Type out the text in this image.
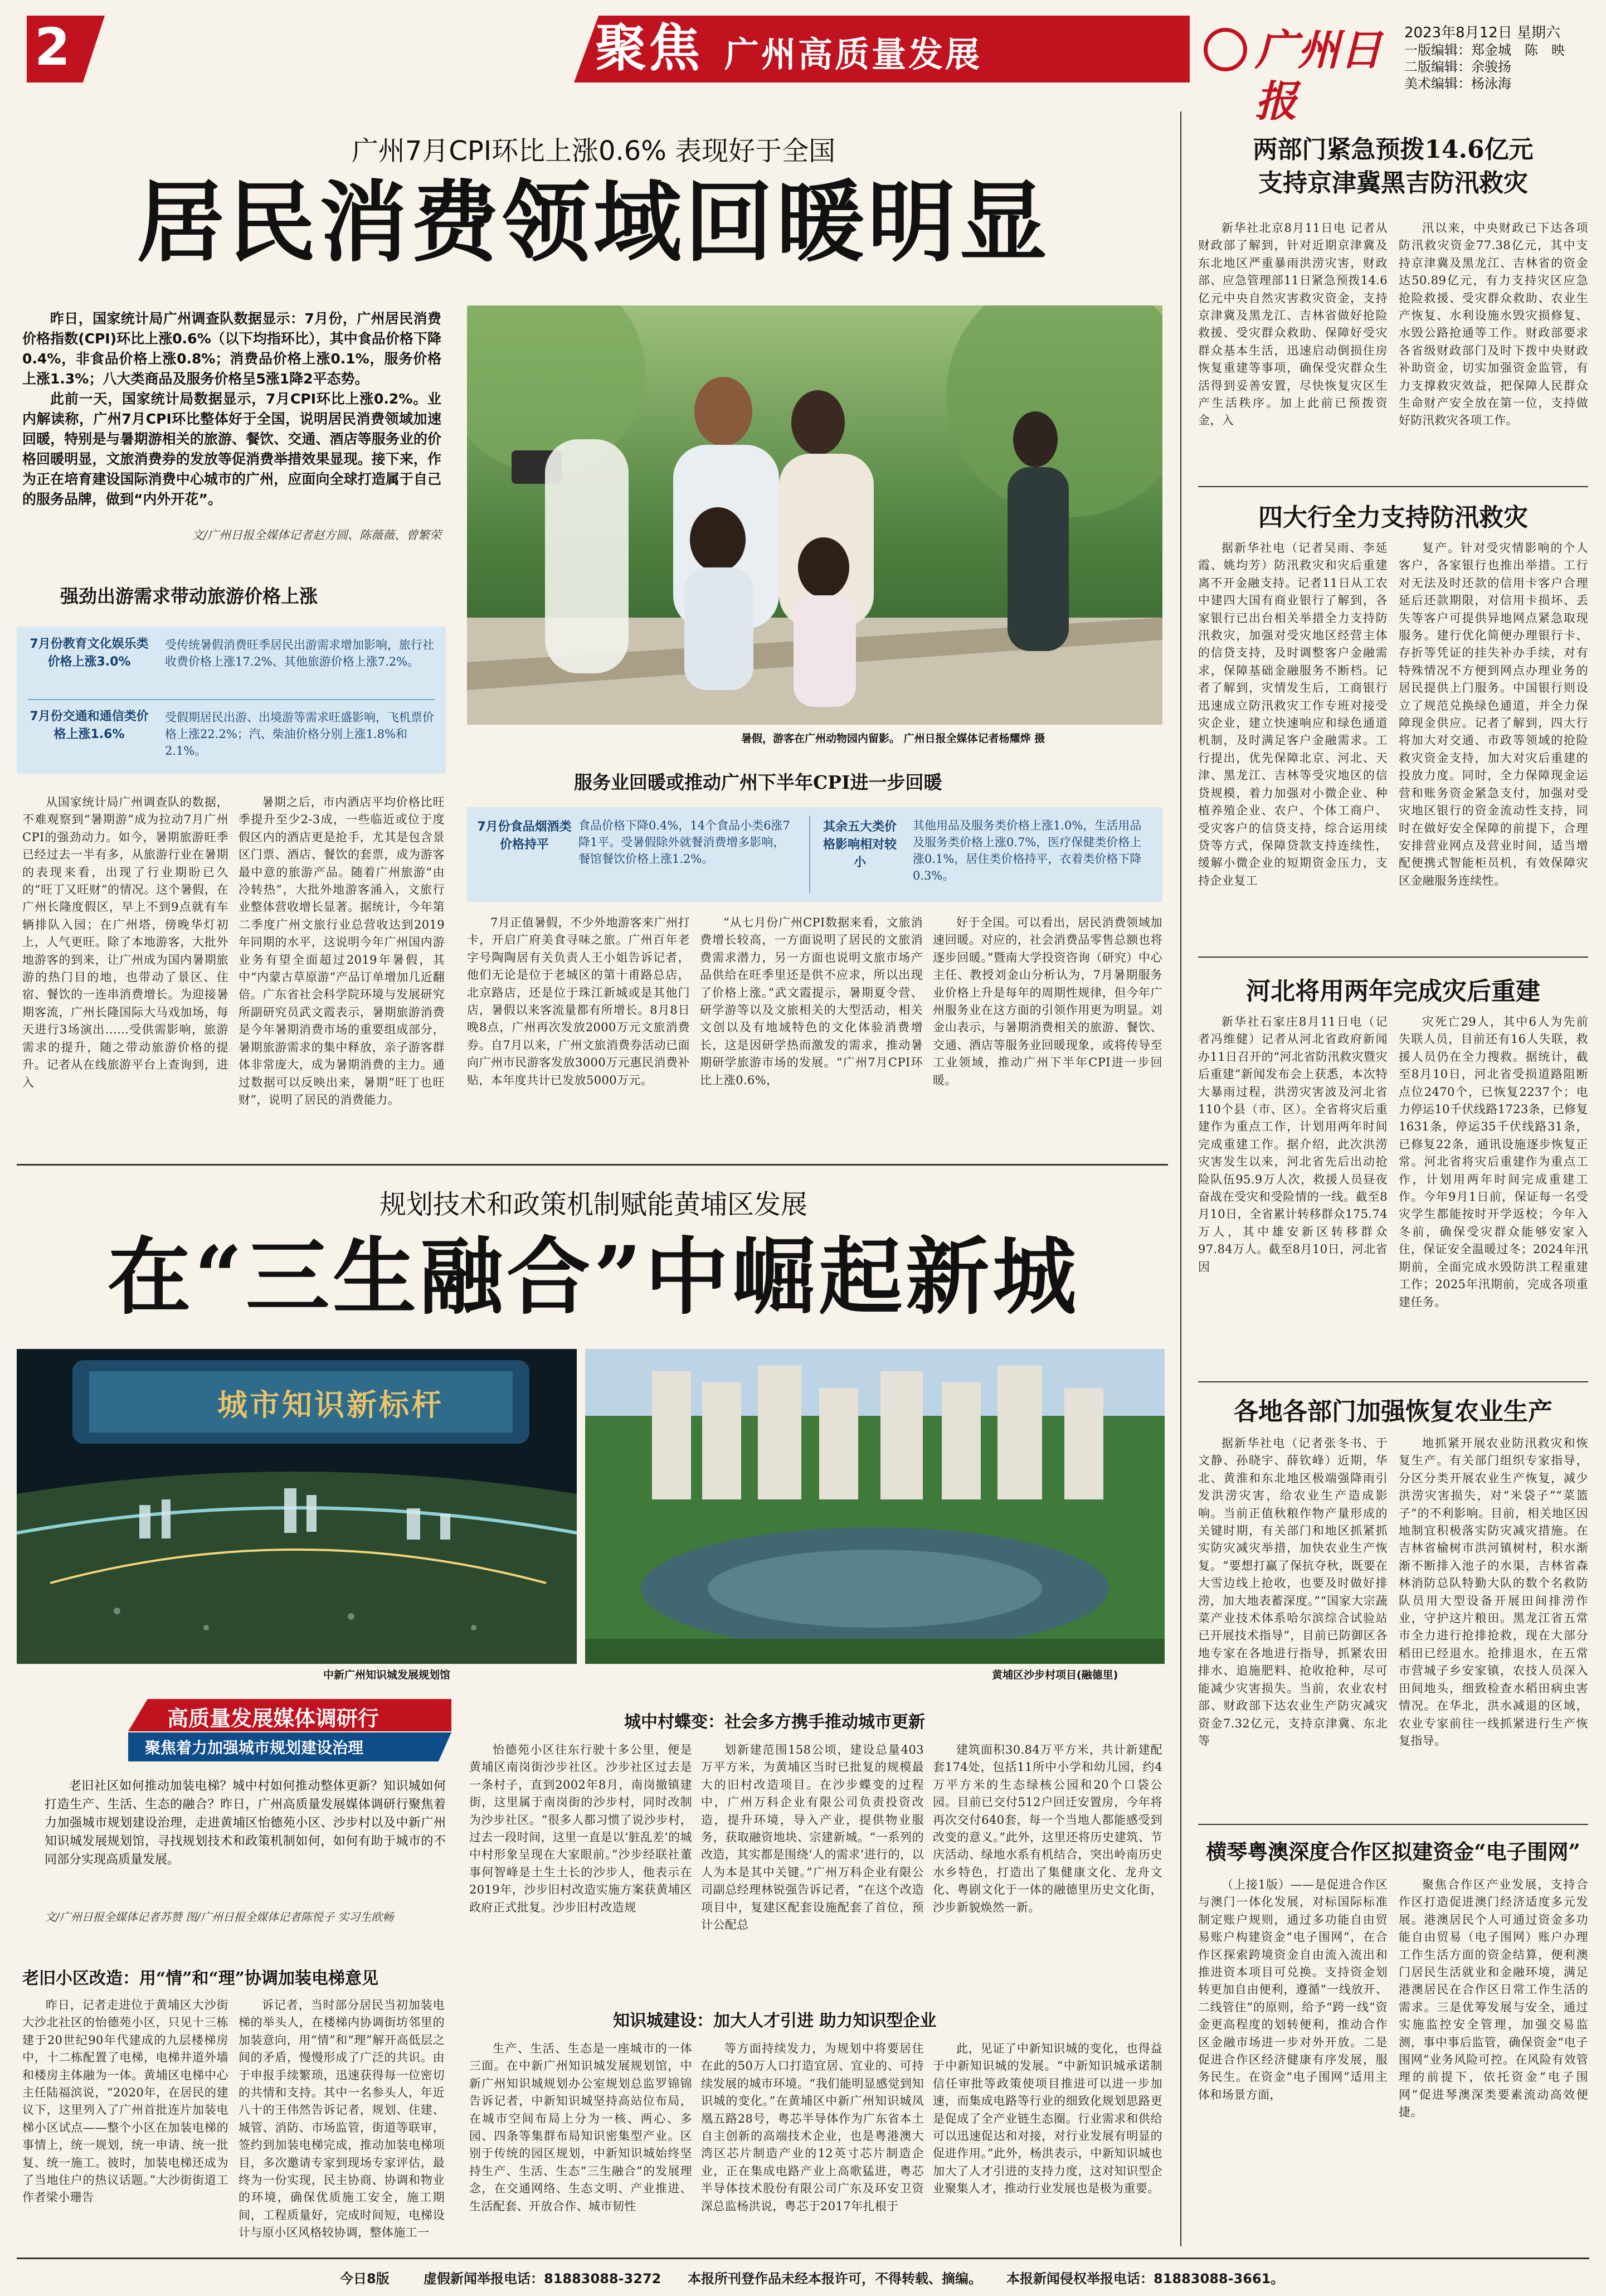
2	聚焦 广州高质量发展	广州日报
2023年8月12日 星期六
一版编辑：郑金城　陈　映
二版编辑：余骏扬
美术编辑：杨泳海
广州7月CPI环比上涨0.6% 表现好于全国
居民消费领域回暖明显

昨日，国家统计局广州调查队数据显示：7月份，广州居民消费价格指数(CPI)环比上涨0.6%（以下均指环比），其中食品价格下降0.4%，非食品价格上涨0.8%；消费品价格上涨0.1%，服务价格上涨1.3%；八大类商品及服务价格呈5涨1降2平态势。

此前一天，国家统计局数据显示，7月CPI环比上涨0.2%。业内解读称，广州7月CPI环比整体好于全国，说明居民消费领域加速回暖，特别是与暑期游相关的旅游、餐饮、交通、酒店等服务业的价格回暖明显，文旅消费券的发放等促消费举措效果显现。接下来，作为正在培育建设国际消费中心城市的广州，应面向全球打造属于自己的服务品牌，做到“内外开花”。

文/广州日报全媒体记者赵方圆、陈薇薇、曾繁荣
暑假，游客在广州动物园内留影。 广州日报全媒体记者杨耀烨 摄
强劲出游需求带动旅游价格上涨
7月份教育文化娱乐类价格上涨3.0%
受传统暑假消费旺季居民出游需求增加影响，旅行社收费价格上涨17.2%、其他旅游价格上涨7.2%。
7月份交通和通信类价格上涨1.6%
受假期居民出游、出境游等需求旺盛影响，飞机票价格上涨22.2%；汽、柴油价格分别上涨1.8%和2.1%。
服务业回暖或推动广州下半年CPI进一步回暖
7月份食品烟酒类价格持平
食品价格下降0.4%，14个食品小类6涨7降1平。受暑假除外就餐消费增多影响，餐馆餐饮价格上涨1.2%。
其余五大类价格影响相对较小
其他用品及服务类价格上涨1.0%，生活用品及服务类价格上涨0.7%，医疗保健类价格上涨0.1%，居住类价格持平，衣着类价格下降0.3%。

从国家统计局广州调查队的数据，不难观察到“暑期游”成为拉动7月广州CPI的强劲动力。如今，暑期旅游旺季已经过去一半有多，从旅游行业在暑期的表现来看，出现了行业期盼已久的“旺丁又旺财”的情况。这个暑假，在广州长隆度假区，早上不到9点就有车辆排队入园；在广州塔，傍晚华灯初上，人气更旺。除了本地游客，大批外地游客的到来，让广州成为国内暑期旅游的热门目的地，也带动了景区、住宿、餐饮的一连串消费增长。为迎接暑期客流，广州长隆国际大马戏加场，每天进行3场演出……受供需影响，旅游需求的提升，随之带动旅游价格的提升。记者从在线旅游平台上查询到，进入

暑期之后，市内酒店平均价格比旺季提升至少2-3成，一些临近或位于度假区内的酒店更是抢手，尤其是包含景区门票、酒店、餐饮的套票，成为游客最中意的旅游产品。随着广州旅游“由冷转热”，大批外地游客涌入，文旅行业整体营收增长显著。据统计，今年第二季度广州文旅行业总营收达到2019年同期的水平，这说明今年广州国内游业务有望全面超过2019年暑假，其中“内蒙古草原游”产品订单增加几近翻倍。广东省社会科学院环境与发展研究所副研究员武文霞表示，暑期旅游消费是今年暑期消费市场的重要组成部分，暑期旅游需求的集中释放，亲子游客群体非常庞大，成为暑期消费的主力。通过数据可以反映出来，暑期“旺丁也旺财”，说明了居民的消费能力。

7月正值暑假，不少外地游客来广州打卡，开启广府美食寻味之旅。广州百年老字号陶陶居有关负责人王小姐告诉记者，他们无论是位于老城区的第十甫路总店，北京路店，还是位于珠江新城或是其他门店，暑假以来客流量都有所增长。8月8日晚8点，广州再次发放2000万元文旅消费券。自7月以来，广州文旅消费券活动已面向广州市民游客发放3000万元惠民消费补贴，本年度共计已发放5000万元。

“从七月份广州CPI数据来看，文旅消费增长较高，一方面说明了居民的文旅消费需求潜力，另一方面也说明文旅市场产品供给在旺季里还是供不应求，所以出现了价格上涨。”武文霞提示，暑期夏令营、研学游等以及文旅相关的大型活动，相关文创以及有地域特色的文化体验消费增长，这是因研学热而激发的需求，推动暑期研学旅游市场的发展。“广州7月CPI环比上涨0.6%，

好于全国。可以看出，居民消费领域加速回暖。对应的，社会消费品零售总额也将逐步回暖。”暨南大学投资咨询（研究）中心主任、教授刘金山分析认为，7月暑期服务业价格上升是每年的周期性规律，但今年广州服务业在这方面的引领作用更为明显。刘金山表示，与暑期消费相关的旅游、餐饮、交通、酒店等服务业回暖现象，或将传导至工业领域，推动广州下半年CPI进一步回暖。

规划技术和政策机制赋能黄埔区发展
在“三生融合”中崛起新城
城市知识新标杆
中新广州知识城发展规划馆	黄埔区沙步村项目(融德里)
高质量发展媒体调研行
聚焦着力加强城市规划建设治理

老旧社区如何推动加装电梯？城中村如何推动整体更新？知识城如何打造生产、生活、生态的融合？昨日，广州高质量发展媒体调研行聚焦着力加强城市规划建设治理，走进黄埔区怡德苑小区、沙步村以及中新广州知识城发展规划馆，寻找规划技术和政策机制如何，如何有助于城市的不同部分实现高质量发展。

文/广州日报全媒体记者苏赞 图/广州日报全媒体记者陈悦子 实习生欧畅
城中村蝶变：社会多方携手推动城市更新
老旧小区改造：用“情”和“理”协调加装电梯意见
知识城建设：加大人才引进 助力知识型企业

怡德苑小区往东行驶十多公里，便是黄埔区南岗街沙步社区。沙步社区过去是一条村子，直到2002年8月，南岗撤镇建街，这里属于南岗街的沙步村，同时改制为沙步社区。“很多人都习惯了说沙步村，过去一段时间，这里一直是以‘脏乱差’的城中村形象呈现在大家眼前。”沙步经联社董事何智峰是土生土长的沙步人，他表示在2019年，沙步旧村改造实施方案获黄埔区政府正式批复。沙步旧村改造规

划新建范围158公顷，建设总量403万平方米，为黄埔区当时已批复的规模最大的旧村改造项目。在沙步蝶变的过程中，广州万科企业有限公司负责投资改造，提升环境，导入产业，提供物业服务，获取融资地块、宗建新城。“一系列的改造，其实都是围绕‘人的需求’进行的，以人为本是其中关键。”广州万科企业有限公司副总经理林锐强告诉记者，“在这个改造项目中，复建区配套设施配套了首位，预计公配总

建筑面积30.84万平方米，共计新建配套174处，包括11所中小学和幼儿园，约4万平方米的生态绿核公园和20个口袋公园。目前已交付512户回迁安置房，今年将再次交付640套，每一个当地人都能感受到改变的意义。”此外，这里还将历史建筑、节庆活动、绿地水系有机结合，突出岭南历史水乡特色，打造出了集健康文化、龙舟文化、粤剧文化于一体的融德里历史文化街，沙步新貌焕然一新。

昨日，记者走进位于黄埔区大沙街大沙北社区的怡德苑小区，只见十三栋建于20世纪90年代建成的九层楼梯房中，十二栋配置了电梯，电梯井道外墙和楼房主体融为一体。黄埔区电梯中心主任陆福滨说，“2020年，在居民的建议下，这里列入了广州首批连片加装电梯小区试点——整个小区在加装电梯的事情上，统一规划，统一申请、统一批复、统一施工。彼时，加装电梯还成为了当地住户的热议话题。”大沙街街道工作者梁小珊告

诉记者，当时部分居民当初加装电梯的举头人，在楼梯内协调街坊邻里的加装意向，用“情”和“理”解开高低层之间的矛盾，慢慢形成了广泛的共识。由于申报手续繁琐，迅速获得每一位密切的共情和支持。其中一名参头人，年近八十的王伟然告诉记者，规划、住建、城管、消防、市场监管，街道等联审，签约到加装电梯完成，推动加装电梯项目，多次邀请专家到现场专家评估，最终为一份实现，民主协商、协调和物业的环境，确保优质施工安全，施工期间，工程质量好，完成时间短，电梯设计与原小区风格较协调，整体施工一

生产、生活、生态是一座城市的一体三面。在中新广州知识城发展规划馆，中新广州知识城规划办公室规划总监罗锦锦告诉记者，中新知识城坚持高站位布局，在城市空间布局上分为一核、两心、多园、四条等集群布局知识密集型产业。区别于传统的园区规划，中新知识城始终坚持生产、生活、生态“三生融合”的发展理念，在交通网络、生态文明、产业推进、生活配套、开放合作、城市韧性

等方面持续发力，为规划中将要居住在此的50万人口打造宜居、宜业的、可持续发展的城市环境。“我们能明显感觉到知识城的变化。”在黄埔区中新广州知识城凤凰五路28号，粤芯半导体作为广东省本土自主创新的高端技术企业，也是粤港澳大湾区芯片制造产业的12英寸芯片制造企业，正在集成电路产业上高歌猛进，粤芯半导体技术股份有限公司广东及环安卫资深总监杨洪说，粤芯于2017年扎根于

此，见证了中新知识城的变化，也得益于中新知识城的发展。“中新知识城承诺制信任审批等政策使项目推进可以进一步加速，而集成电路等行业的细致化规划思路更是促成了全产业链生态圈。行业需求和供给可以迅速促达和对接，对行业发展有明显的促进作用。”此外，杨洪表示，中新知识城也加大了人才引进的支持力度，这对知识型企业聚集人才，推动行业发展也是极为重要。

两部门紧急预拨14.6亿元
支持京津冀黑吉防汛救灾

新华社北京8月11日电 记者从财政部了解到，针对近期京津冀及东北地区严重暴雨洪涝灾害，财政部、应急管理部11日紧急预拨14.6亿元中央自然灾害救灾资金，支持京津冀及黑龙江、吉林省做好抢险救援、受灾群众救助、保障好受灾群众基本生活，迅速启动倒损住房恢复重建等事项，确保受灾群众生活得到妥善安置，尽快恢复灾区生产生活秩序。加上此前已预拨资金，入

汛以来，中央财政已下达各项防汛救灾资金77.38亿元，其中支持京津冀及黑龙江、吉林省的资金达50.89亿元，有力支持灾区应急抢险救援、受灾群众救助、农业生产恢复、水利设施水毁灾损修复、水毁公路抢通等工作。财政部要求各省级财政部门及时下拨中央财政补助资金，切实加强资金监管，有力支撑救灾效益，把保障人民群众生命财产安全放在第一位，支持做好防汛救灾各项工作。

四大行全力支持防汛救灾

据新华社电（记者吴雨、李延霞、姚均芳）防汛救灾和灾后重建离不开金融支持。记者11日从工农中建四大国有商业银行了解到，各家银行已出台相关举措全力支持防汛救灾，加强对受灾地区经营主体的信贷支持，及时调整客户金融需求，保障基础金融服务不断档。记者了解到，灾情发生后，工商银行迅速成立防汛救灾工作专班对接受灾企业，建立快速响应和绿色通道机制，及时满足客户金融需求。工行提出，优先保障北京、河北、天津、黑龙江、吉林等受灾地区的信贷规模，着力加强对小微企业、种植养殖企业、农户、个体工商户、受灾客户的信贷支持，综合运用续贷等方式，保障贷款支持连续性，缓解小微企业的短期资金压力，支持企业复工

复产。针对受灾情影响的个人客户，各家银行也推出举措。工行对无法及时还款的信用卡客户合理延后还款期限，对信用卡损坏、丢失等客户可提供异地网点紧急取现服务。建行优化简便办理银行卡、存折等凭证的挂失补办手续，对有特殊情况不方便到网点办理业务的居民提供上门服务。中国银行则设立了规范兑换绿色通道，并全力保障现金供应。记者了解到，四大行将加大对交通、市政等领域的抢险救灾资金支持，加大对灾后重建的投放力度。同时，全力保障现金运营和账务资金紧急支付，加强对受灾地区银行的资金流动性支持，同时在做好安全保障的前提下，合理安排营业网点及营业时间，适当增配便携式智能柜员机，有效保障灾区金融服务连续性。

河北将用两年完成灾后重建

新华社石家庄8月11日电（记者冯维健）记者从河北省政府新闻办11日召开的“河北省防汛救灾暨灾后重建”新闻发布会上获悉，本次特大暴雨过程，洪涝灾害波及河北省110个县（市、区）。全省将灾后重建作为重点工作，计划用两年时间完成重建工作。据介绍，此次洪涝灾害发生以来，河北省先后出动抢险队伍95.9万人次，救援人员昼夜奋战在受灾和受险情的一线。截至8月10日，全省累计转移群众175.74万人，其中雄安新区转移群众97.84万人。截至8月10日，河北省因

灾死亡29人，其中6人为先前失联人员，目前还有16人失联，救援人员仍在全力搜救。据统计，截至8月10日，河北省受损道路阻断点位2470个，已恢复2237个；电力停运10千伏线路1723条，已修复1631条，停运35千伏线路31条，已修复22条，通讯设施逐步恢复正常。河北省将灾后重建作为重点工作，计划用两年时间完成重建工作。今年9月1日前，保证每一名受灾学生都能按时开学返校；今年入冬前，确保受灾群众能够安家入住，保证安全温暖过冬；2024年汛期前，全面完成水毁防洪工程重建工作；2025年汛期前，完成各项重建任务。

各地各部门加强恢复农业生产

据新华社电（记者张冬书、于文静、孙晓宇、薛钦峰）近期，华北、黄淮和东北地区极端强降雨引发洪涝灾害，给农业生产造成影响。当前正值秋粮作物产量形成的关键时期，有关部门和地区抓紧抓实防灾减灾举措，加快农业生产恢复。“要想打赢了保抗夺秋，既要在大雪边线上抢收，也要及时做好排涝，加大地表蓄深度。”“国家大宗蔬菜产业技术体系哈尔滨综合试验站已开展技术指导”，目前已防御区各地专家在各地进行指导，抓紧农田排水、追施肥料、抢收抢种，尽可能减少灾害损失。当前，农业农村部、财政部下达农业生产防灾减灾资金7.32亿元，支持京津冀、东北等

地抓紧开展农业防汛救灾和恢复生产。有关部门组织专家指导，分区分类开展农业生产恢复，减少洪涝灾害损失，对“米袋子”“菜篮子”的不利影响。目前，相关地区因地制宜积极落实防灾减灾措施。在吉林省榆树市洪河镇树村，积水渐渐不断排入池子的水渠，吉林省森林消防总队特勤大队的数个名救防队员用大型设备开展田间排涝作业，守护这片粮田。黑龙江省五常市全力进行抢排抢救，现在大部分稻田已经退水。抢排退水，在五常市营城子乡安家镇，农技人员深入田间地头，细致检查水稻田病虫害情况。在华北，洪水减退的区域，农业专家前往一线抓紧进行生产恢复指导。

横琴粤澳深度合作区拟建资金“电子围网”

（上接1版）——是促进合作区与澳门一体化发展，对标国际标准制定账户规则，通过多功能自由贸易账户构建资金“电子围网”，在合作区探索跨境资金自由流入流出和推进资本项目可兑换。支持资金划转更加自由便利，遵循“一线放开、二线管住”的原则，给予“跨一线”资金更高程度的划转便利，推动合作区金融市场进一步对外开放。二是促进合作区经济健康有序发展，服务民生。在资金“电子围网”适用主体和场景方面，

聚焦合作区产业发展，支持合作区打造促进澳门经济适度多元发展。港澳居民个人可通过资金多功能自由贸易（电子围网）账户办理工作生活方面的资金结算，便利澳门居民生活就业和金融环境，满足港澳居民在合作区日常工作生活的需求。三是优筹发展与安全，通过实施监控安全管理，加强交易监测，事中事后监管，确保资金“电子围网”业务风险可控。在风险有效管理的前提下，依托资金“电子围网”促进琴澳深类要素流动高效便捷。

今日8版	虚假新闻举报电话：81883088-3272 本报所刊登作品未经本报许可，不得转载、摘编。 本报新闻侵权举报电话：81883088-3661。
